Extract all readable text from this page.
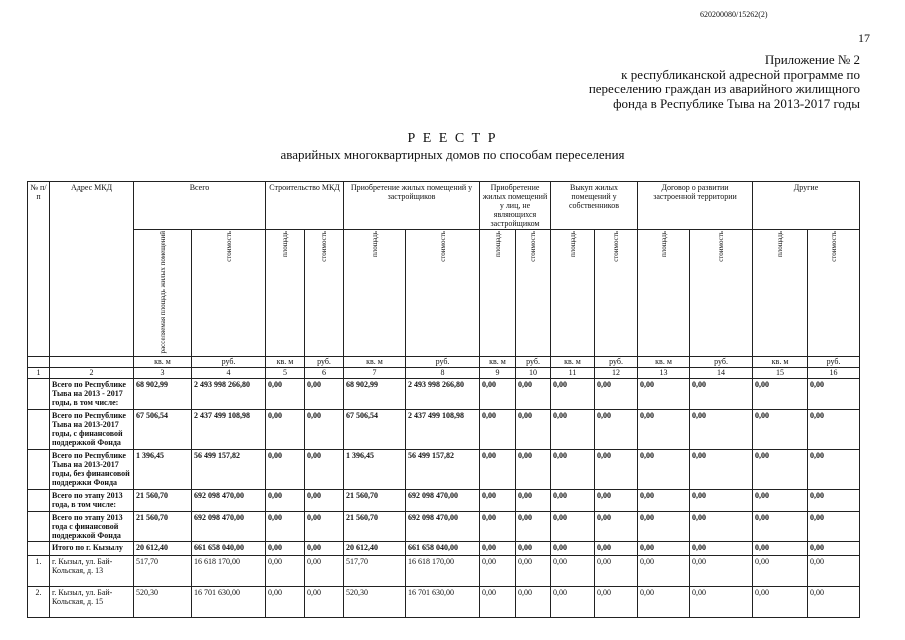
620200080/15262(2)
17
Приложение № 2
к республиканской адресной программе по
переселению граждан из аварийного жилищного
фонда в Республике Тыва на 2013-2017 годы
Р Е Е С Т Р
аварийных многоквартирных домов по способам переселения
№ п/п	Адрес МКД	Всего		Строительство МКД		Приобретение жилых помещений у застройщиков		Приобретение жилых помещений у лиц, не являющихся застройщиком		Выкуп жилых помещений у собственников		Договор о развитии застроенной территории		Другие	
		расселяемая площадь жилых помещений	стоимость	площадь	стоимость	площадь	стоимость	площадь	стоимость	площадь	стоимость	площадь	стоимость	площадь	стоимость
		кв. м	руб.	кв. м	руб.	кв. м	руб.	кв. м	руб.	кв. м	руб.	кв. м	руб.	кв. м	руб.
1	2	3	4	5	6	7	8	9	10	11	12	13	14	15	16
	Всего по Республике Тыва на 2013 - 2017 годы, в том числе:	68 902,99	2 493 998 266,80	0,00	0,00	68 902,99	2 493 998 266,80	0,00	0,00	0,00	0,00	0,00	0,00	0,00	0,00
	Всего по Республике Тыва на 2013-2017 годы, с финансовой поддержкой Фонда	67 506,54	2 437 499 108,98	0,00	0,00	67 506,54	2 437 499 108,98	0,00	0,00	0,00	0,00	0,00	0,00	0,00	0,00
	Всего по Республике Тыва на 2013-2017 годы, без финансовой поддержки Фонда	1 396,45	56 499 157,82	0,00	0,00	1 396,45	56 499 157,82	0,00	0,00	0,00	0,00	0,00	0,00	0,00	0,00
	Всего по этапу 2013 года, в том числе:	21 560,70	692 098 470,00	0,00	0,00	21 560,70	692 098 470,00	0,00	0,00	0,00	0,00	0,00	0,00	0,00	0,00
	Всего по этапу 2013 года с финансовой поддержкой Фонда	21 560,70	692 098 470,00	0,00	0,00	21 560,70	692 098 470,00	0,00	0,00	0,00	0,00	0,00	0,00	0,00	0,00
	Итого по г. Кызылу	20 612,40	661 658 040,00	0,00	0,00	20 612,40	661 658 040,00	0,00	0,00	0,00	0,00	0,00	0,00	0,00	0,00
1.	г. Кызыл, ул. Бай-Кольская, д. 13	517,70	16 618 170,00	0,00	0,00	517,70	16 618 170,00	0,00	0,00	0,00	0,00	0,00	0,00	0,00	0,00
2.	г. Кызыл, ул. Бай-Кольская, д. 15	520,30	16 701 630,00	0,00	0,00	520,30	16 701 630,00	0,00	0,00	0,00	0,00	0,00	0,00	0,00	0,00
